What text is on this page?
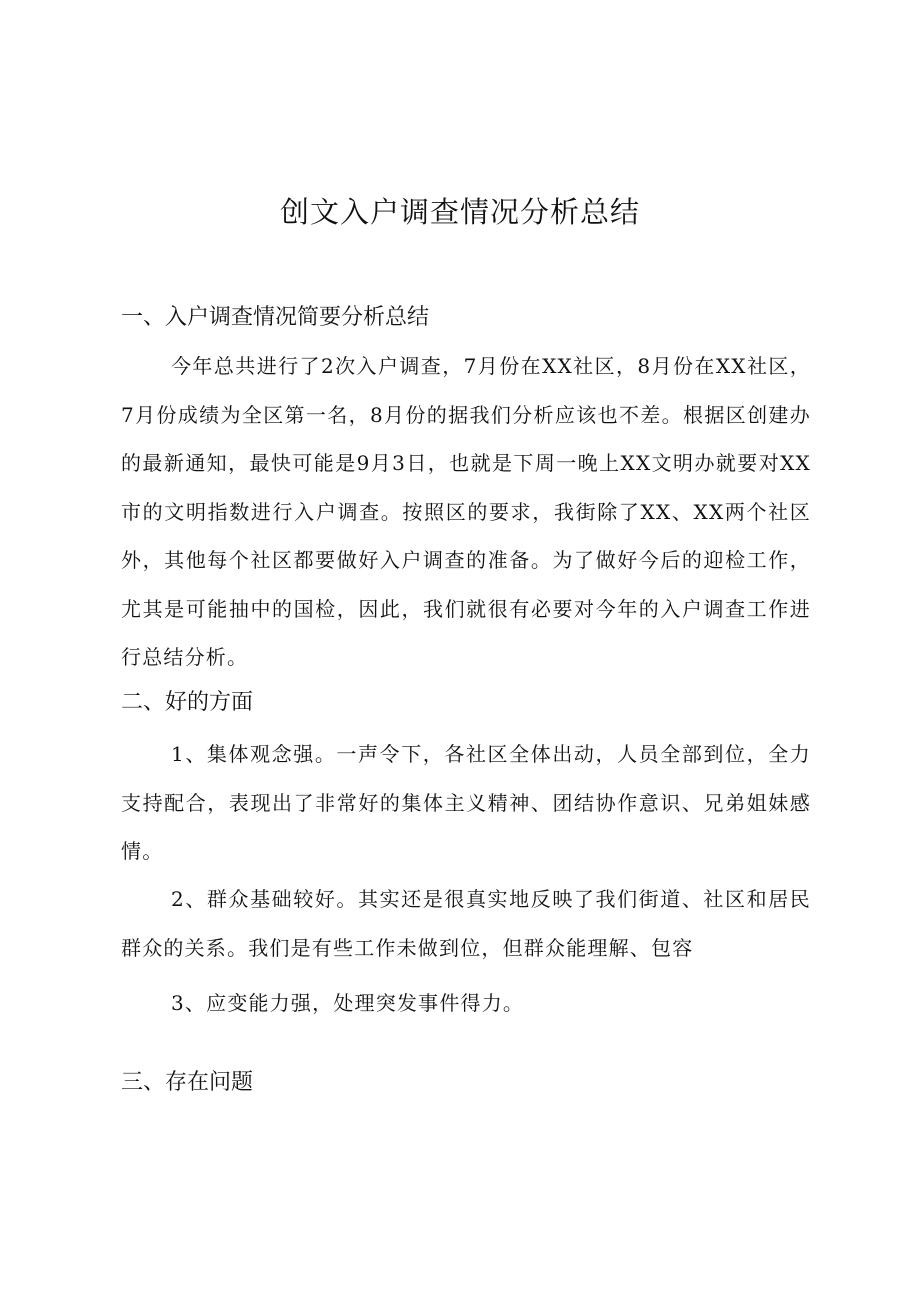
创文入户调查情况分析总结
一、入户调查情况简要分析总结

今年总共进行了2次入户调查，7月份在XX社区，8月份在XX社区，7月份成绩为全区第一名，8月份的据我们分析应该也不差。根据区创建办的最新通知，最快可能是9月3日，也就是下周一晚上XX文明办就要对XX市的文明指数进行入户调查。按照区的要求，我街除了XX、XX两个社区外，其他每个社区都要做好入户调查的准备。为了做好今后的迎检工作，尤其是可能抽中的国检，因此，我们就很有必要对今年的入户调查工作进行总结分析。

二、好的方面

1、集体观念强。一声令下，各社区全体出动，人员全部到位，全力支持配合，表现出了非常好的集体主义精神、团结协作意识、兄弟姐妹感情。

2、群众基础较好。其实还是很真实地反映了我们街道、社区和居民群众的关系。我们是有些工作未做到位，但群众能理解、包容

3、应变能力强，处理突发事件得力。

三、存在问题
